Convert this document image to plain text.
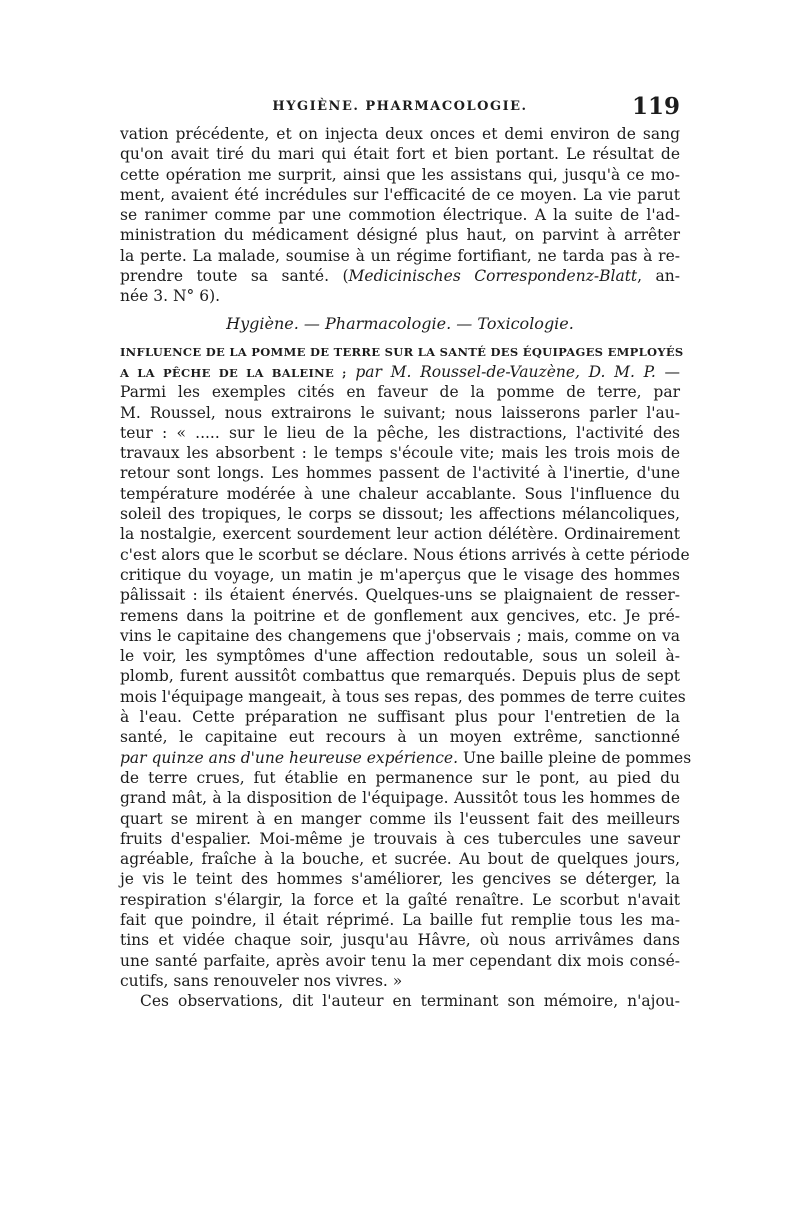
HYGIÈNE. PHARMACOLOGIE.	119
vation précédente, et on injecta deux onces et demi environ de sang
qu'on avait tiré du mari qui était fort et bien portant. Le résultat de
cette opération me surprit, ainsi que les assistans qui, jusqu'à ce mo-
ment, avaient été incrédules sur l'efficacité de ce moyen. La vie parut
se ranimer comme par une commotion électrique. A la suite de l'ad-
ministration du médicament désigné plus haut, on parvint à arrêter
la perte. La malade, soumise à un régime fortifiant, ne tarda pas à re-
prendre toute sa santé. (Medicinisches Correspondenz-Blatt, an-
née 3. N° 6).
Hygiène. — Pharmacologie. — Toxicologie.
INFLUENCE DE LA POMME DE TERRE SUR LA SANTÉ DES ÉQUIPAGES EMPLOYÉS
A LA PÊCHE DE LA BALEINE ; par M. Roussel-de-Vauzène, D. M. P. —
Parmi les exemples cités en faveur de la pomme de terre, par
M. Roussel, nous extrairons le suivant; nous laisserons parler l'au-
teur : « ..... sur le lieu de la pêche, les distractions, l'activité des
travaux les absorbent : le temps s'écoule vite; mais les trois mois de
retour sont longs. Les hommes passent de l'activité à l'inertie, d'une
température modérée à une chaleur accablante. Sous l'influence du
soleil des tropiques, le corps se dissout; les affections mélancoliques,
la nostalgie, exercent sourdement leur action délétère. Ordinairement
c'est alors que le scorbut se déclare. Nous étions arrivés à cette période
critique du voyage, un matin je m'aperçus que le visage des hommes
pâlissait : ils étaient énervés. Quelques-uns se plaignaient de resser-
remens dans la poitrine et de gonflement aux gencives, etc. Je pré-
vins le capitaine des changemens que j'observais ; mais, comme on va
le voir, les symptômes d'une affection redoutable, sous un soleil à-
plomb, furent aussitôt combattus que remarqués. Depuis plus de sept
mois l'équipage mangeait, à tous ses repas, des pommes de terre cuites
à l'eau. Cette préparation ne suffisant plus pour l'entretien de la
santé, le capitaine eut recours à un moyen extrême, sanctionné
par quinze ans d'une heureuse expérience. Une baille pleine de pommes
de terre crues, fut établie en permanence sur le pont, au pied du
grand mât, à la disposition de l'équipage. Aussitôt tous les hommes de
quart se mirent à en manger comme ils l'eussent fait des meilleurs
fruits d'espalier. Moi-même je trouvais à ces tubercules une saveur
agréable, fraîche à la bouche, et sucrée. Au bout de quelques jours,
je vis le teint des hommes s'améliorer, les gencives se déterger, la
respiration s'élargir, la force et la gaîté renaître. Le scorbut n'avait
fait que poindre, il était réprimé. La baille fut remplie tous les ma-
tins et vidée chaque soir, jusqu'au Hâvre, où nous arrivâmes dans
une santé parfaite, après avoir tenu la mer cependant dix mois consé-
cutifs, sans renouveler nos vivres. »
Ces observations, dit l'auteur en terminant son mémoire, n'ajou-
